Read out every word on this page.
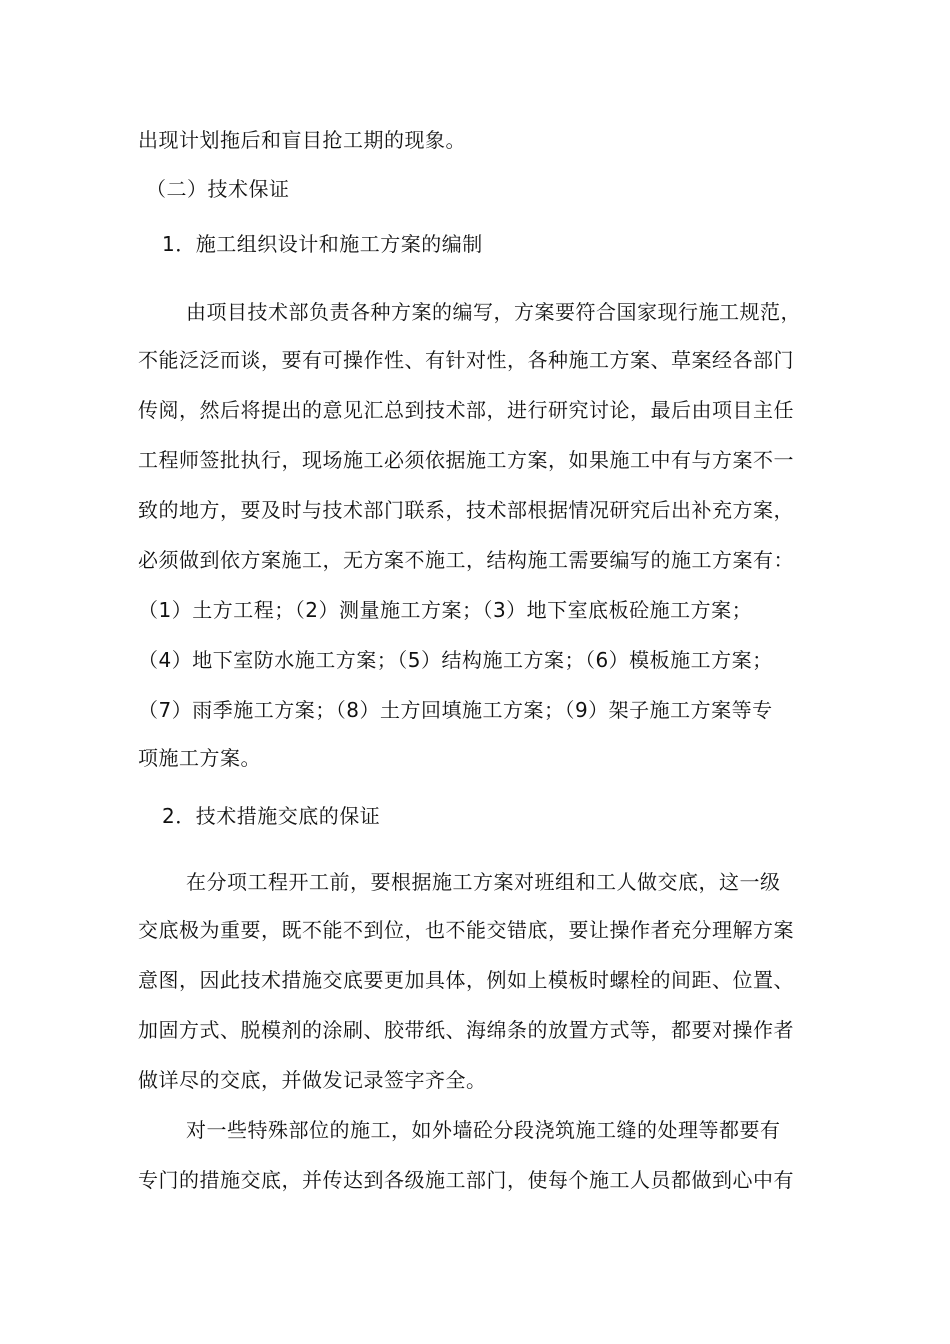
出现计划拖后和盲目抢工期的现象。
（二）技术保证
1．施工组织设计和施工方案的编制
由项目技术部负责各种方案的编写，方案要符合国家现行施工规范，
不能泛泛而谈，要有可操作性、有针对性，各种施工方案、草案经各部门
传阅，然后将提出的意见汇总到技术部，进行研究讨论，最后由项目主任
工程师签批执行，现场施工必须依据施工方案，如果施工中有与方案不一
致的地方，要及时与技术部门联系，技术部根据情况研究后出补充方案，
必须做到依方案施工，无方案不施工，结构施工需要编写的施工方案有：
（1）土方工程；（2）测量施工方案；（3）地下室底板砼施工方案；
（4）地下室防水施工方案；（5）结构施工方案；（6）模板施工方案；
（7）雨季施工方案；（8）土方回填施工方案；（9）架子施工方案等专
项施工方案。
2．技术措施交底的保证
在分项工程开工前，要根据施工方案对班组和工人做交底，这一级
交底极为重要，既不能不到位，也不能交错底，要让操作者充分理解方案
意图，因此技术措施交底要更加具体，例如上模板时螺栓的间距、位置、
加固方式、脱模剂的涂刷、胶带纸、海绵条的放置方式等，都要对操作者
做详尽的交底，并做发记录签字齐全。
对一些特殊部位的施工，如外墙砼分段浇筑施工缝的处理等都要有
专门的措施交底，并传达到各级施工部门，使每个施工人员都做到心中有
